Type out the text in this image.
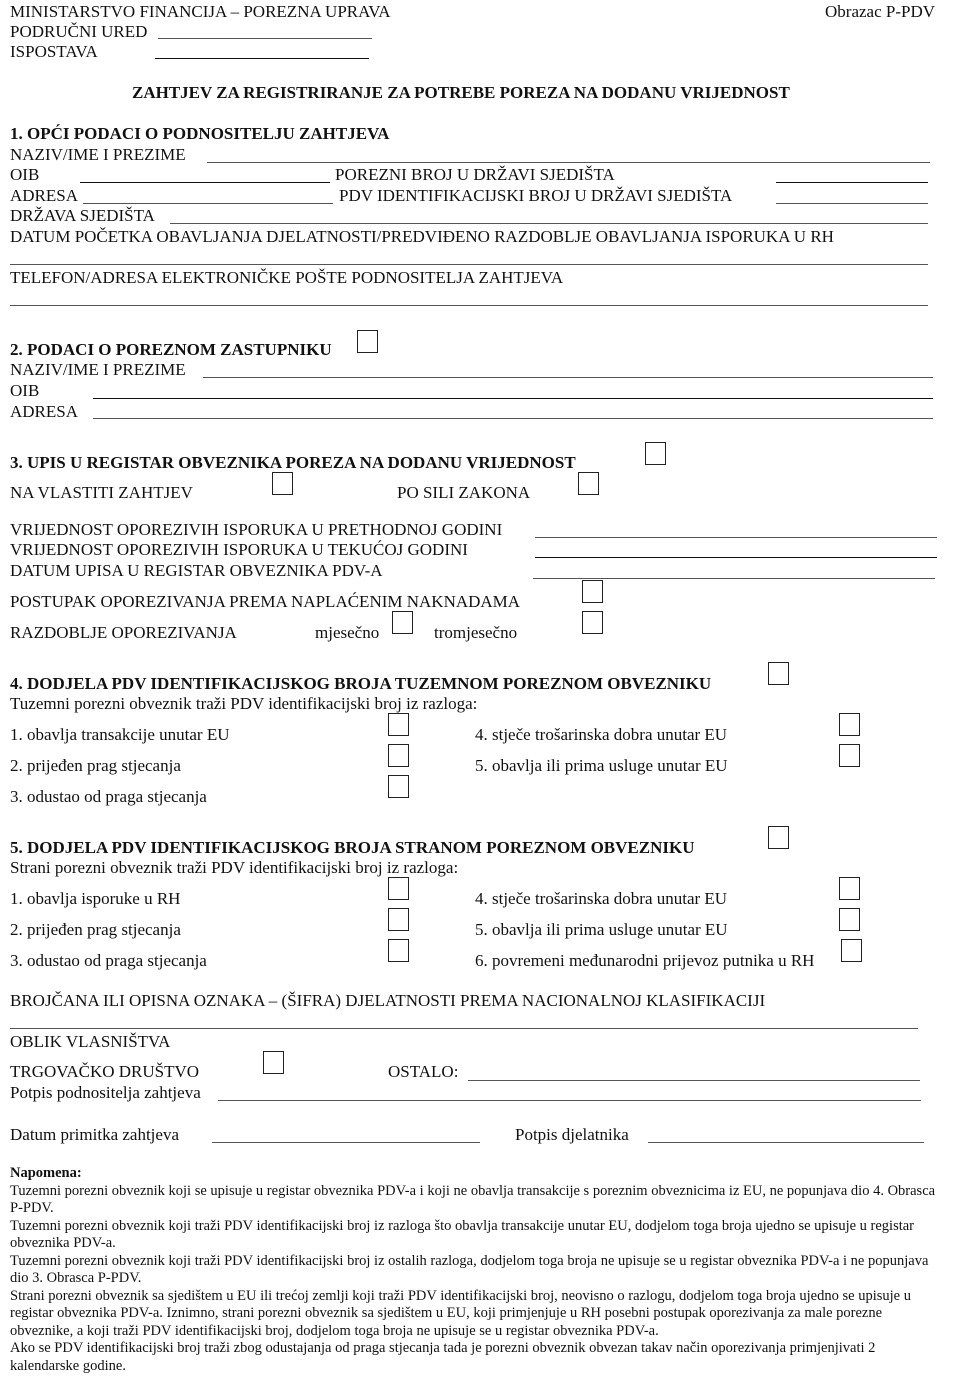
MINISTARSTVO FINANCIJA – POREZNA UPRAVA	Obrazac P-PDV
PODRUČNI URED
ISPOSTAVA
ZAHTJEV ZA REGISTRIRANJE ZA POTREBE POREZA NA DODANU VRIJEDNOST
1. OPĆI PODACI O PODNOSITELJU ZAHTJEVA
NAZIV/IME I PREZIME
OIB	POREZNI BROJ U DRŽAVI SJEDIŠTA
ADRESA	PDV IDENTIFIKACIJSKI BROJ U DRŽAVI SJEDIŠTA
DRŽAVA SJEDIŠTA
DATUM POČETKA OBAVLJANJA DJELATNOSTI/PREDVIĐENO RAZDOBLJE OBAVLJANJA ISPORUKA U RH
TELEFON/ADRESA ELEKTRONIČKE POŠTE PODNOSITELJA ZAHTJEVA
2. PODACI O POREZNOM ZASTUPNIKU
NAZIV/IME I PREZIME
OIB
ADRESA
3. UPIS U REGISTAR OBVEZNIKA POREZA NA DODANU VRIJEDNOST
NA VLASTITI ZAHTJEV	PO SILI ZAKONA
VRIJEDNOST OPOREZIVIH ISPORUKA U PRETHODNOJ GODINI
VRIJEDNOST OPOREZIVIH ISPORUKA U TEKUĆOJ GODINI
DATUM UPISA U REGISTAR OBVEZNIKA PDV-A
POSTUPAK OPOREZIVANJA PREMA NAPLAĆENIM NAKNADAMA
RAZDOBLJE OPOREZIVANJA	mjesečno	tromjesečno
4. DODJELA PDV IDENTIFIKACIJSKOG BROJA TUZEMNOM POREZNOM OBVEZNIKU
Tuzemni porezni obveznik traži PDV identifikacijski broj iz razloga:
1. obavlja transakcije unutar EU
2. prijeđen prag stjecanja
3. odustao od praga stjecanja
4. stječe trošarinska dobra unutar EU
5. obavlja ili prima usluge unutar EU
5. DODJELA PDV IDENTIFIKACIJSKOG BROJA STRANOM POREZNOM OBVEZNIKU
Strani porezni obveznik traži PDV identifikacijski broj iz razloga:
1. obavlja isporuke u RH
2. prijeđen prag stjecanja
3. odustao od praga stjecanja
4. stječe trošarinska dobra unutar EU
5. obavlja ili prima usluge unutar EU
6. povremeni međunarodni prijevoz putnika u RH
BROJČANA ILI OPISNA OZNAKA – (ŠIFRA) DJELATNOSTI PREMA NACIONALNOJ KLASIFIKACIJI
OBLIK VLASNIŠTVA
TRGOVAČKO DRUŠTVO	OSTALO:
Potpis podnositelja zahtjeva
Datum primitka zahtjeva	Potpis djelatnika

Napomena:

Tuzemni porezni obveznik koji se upisuje u registar obveznika PDV-a i koji ne obavlja transakcije s poreznim obveznicima iz EU, ne popunjava dio 4. Obrasca P-PDV.

Tuzemni porezni obveznik koji traži PDV identifikacijski broj iz razloga što obavlja transakcije unutar EU, dodjelom toga broja ujedno se upisuje u registar obveznika PDV-a.

Tuzemni porezni obveznik koji traži PDV identifikacijski broj iz ostalih razloga, dodjelom toga broja ne upisuje se u registar obveznika PDV-a i ne popunjava dio 3. Obrasca P-PDV.

Strani porezni obveznik sa sjedištem u EU ili trećoj zemlji koji traži PDV identifikacijski broj, neovisno o razlogu, dodjelom toga broja ujedno se upisuje u registar obveznika PDV-a. Iznimno, strani porezni obveznik sa sjedištem u EU, koji primjenjuje u RH posebni postupak oporezivanja za male porezne obveznike, a koji traži PDV identifikacijski broj, dodjelom toga broja ne upisuje se u registar obveznika PDV-a.

Ako se PDV identifikacijski broj traži zbog odustajanja od praga stjecanja tada je porezni obveznik obvezan takav način oporezivanja primjenjivati 2 kalendarske godine.
